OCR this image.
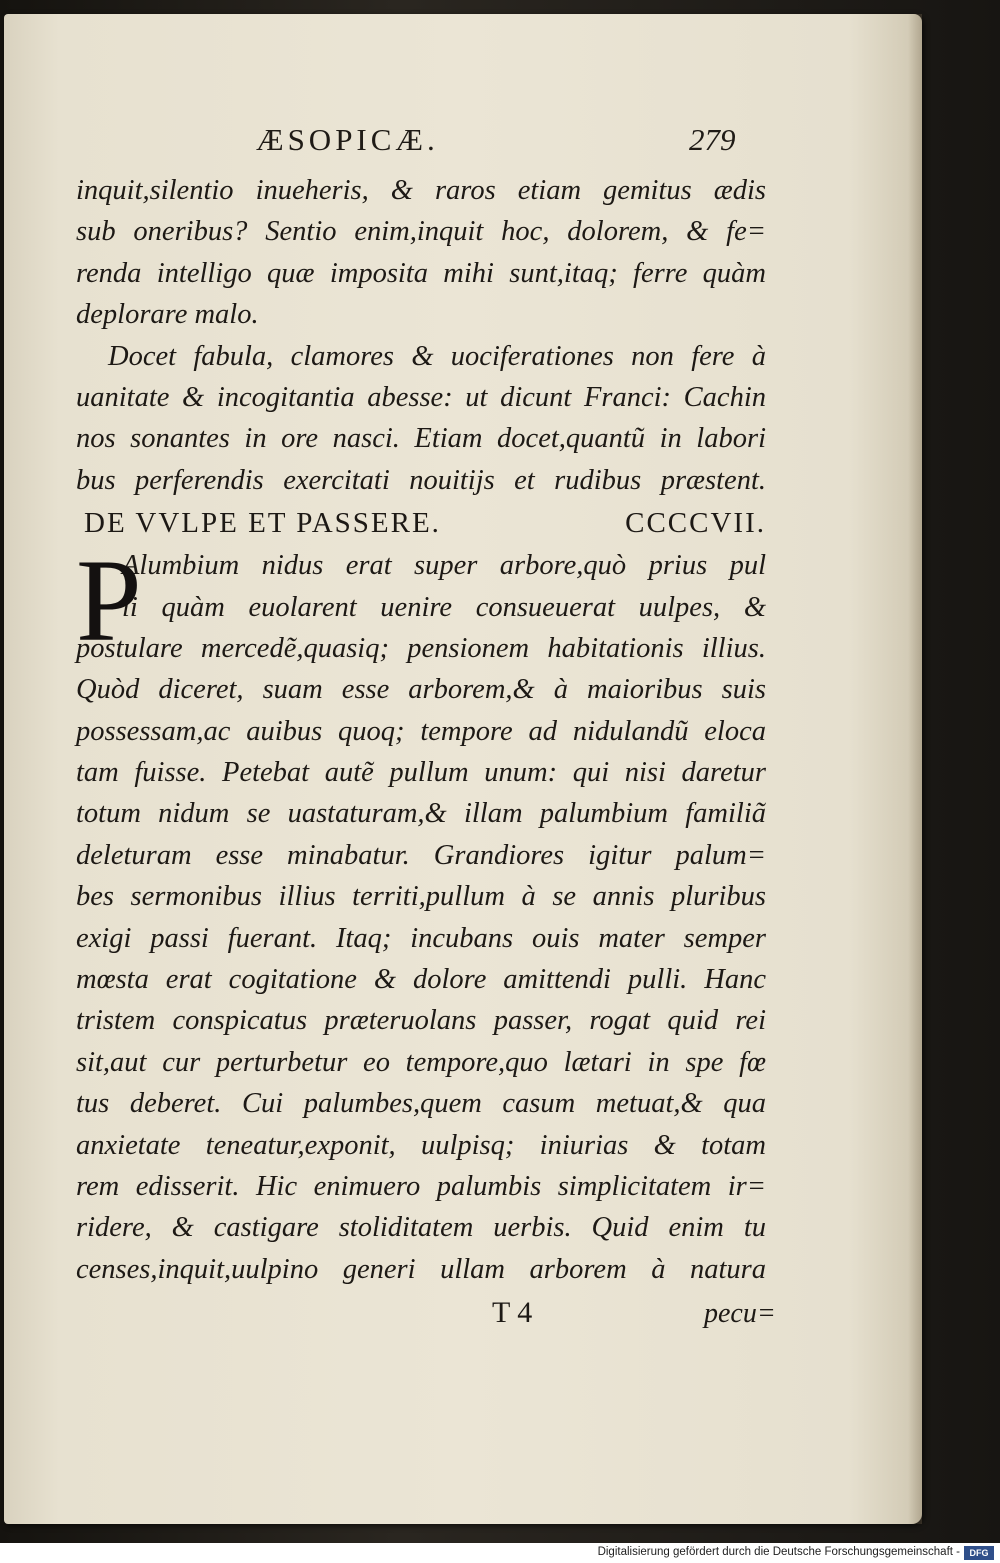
ÆSOPICÆ.	279
inquit,silentio inueheris, & raros etiam gemitus ædis
sub oneribus? Sentio enim,inquit hoc, dolorem, & fe=
renda intelligo quæ imposita mihi sunt,itaq; ferre quàm
deplorare malo.
Docet fabula, clamores & uociferationes non fere à
uanitate & incogitantia abesse: ut dicunt Franci: Cachin
nos sonantes in ore nasci. Etiam docet,quantũ in labori
bus perferendis exercitati nouitijs et rudibus præstent.
DE VVLPE ET PASSERE.	CCCCVII.
P
Alumbium nidus erat super arbore,quò prius pul
li quàm euolarent uenire consueuerat uulpes, &
postulare mercedẽ,quasiq; pensionem habitationis illius.
Quòd diceret, suam esse arborem,& à maioribus suis
possessam,ac auibus quoq; tempore ad nidulandũ eloca
tam fuisse. Petebat autẽ pullum unum: qui nisi daretur
totum nidum se uastaturam,& illam palumbium familiã
deleturam esse minabatur. Grandiores igitur palum=
bes sermonibus illius territi,pullum à se annis pluribus
exigi passi fuerant. Itaq; incubans ouis mater semper
mœsta erat cogitatione & dolore amittendi pulli. Hanc
tristem conspicatus præteruolans passer, rogat quid rei
sit,aut cur perturbetur eo tempore,quo lætari in spe fœ
tus deberet. Cui palumbes,quem casum metuat,& qua
anxietate teneatur,exponit, uulpisq; iniurias & totam
rem edisserit. Hic enimuero palumbis simplicitatem ir=
ridere, & castigare stoliditatem uerbis. Quid enim tu
censes,inquit,uulpino generi ullam arborem à natura
T 4	pecu=
Digitalisierung gefördert durch die Deutsche Forschungsgemeinschaft -	DFG
